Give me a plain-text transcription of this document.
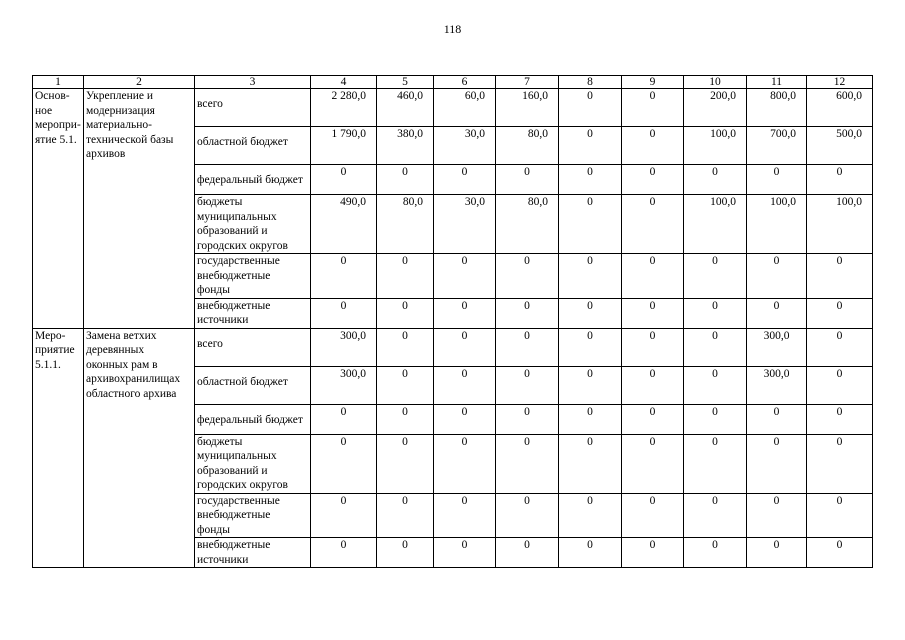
118
1	2	3	4	5	6	7	8	9	10	11	12
Основ-
ное
меропри-
ятие 5.1.	Укрепление и
модернизация
материально-
технической базы
архивов	всего	2 280,0	460,0	60,0	160,0	0	0	200,0	800,0	600,0
		областной бюджет	1 790,0	380,0	30,0	80,0	0	0	100,0	700,0	500,0
		федеральный бюджет	0	0	0	0	0	0	0	0	0
		бюджеты
муниципальных
образований и
городских округов	490,0	80,0	30,0	80,0	0	0	100,0	100,0	100,0
		государственные
внебюджетные
фонды	0	0	0	0	0	0	0	0	0
		внебюджетные
источники	0	0	0	0	0	0	0	0	0
Меро-
приятие
5.1.1.	Замена ветхих
деревянных
оконных рам в
архивохранилищах
областного архива	всего	300,0	0	0	0	0	0	0	300,0	0
		областной бюджет	300,0	0	0	0	0	0	0	300,0	0
		федеральный бюджет	0	0	0	0	0	0	0	0	0
		бюджеты
муниципальных
образований и
городских округов	0	0	0	0	0	0	0	0	0
		государственные
внебюджетные
фонды	0	0	0	0	0	0	0	0	0
		внебюджетные
источники	0	0	0	0	0	0	0	0	0
